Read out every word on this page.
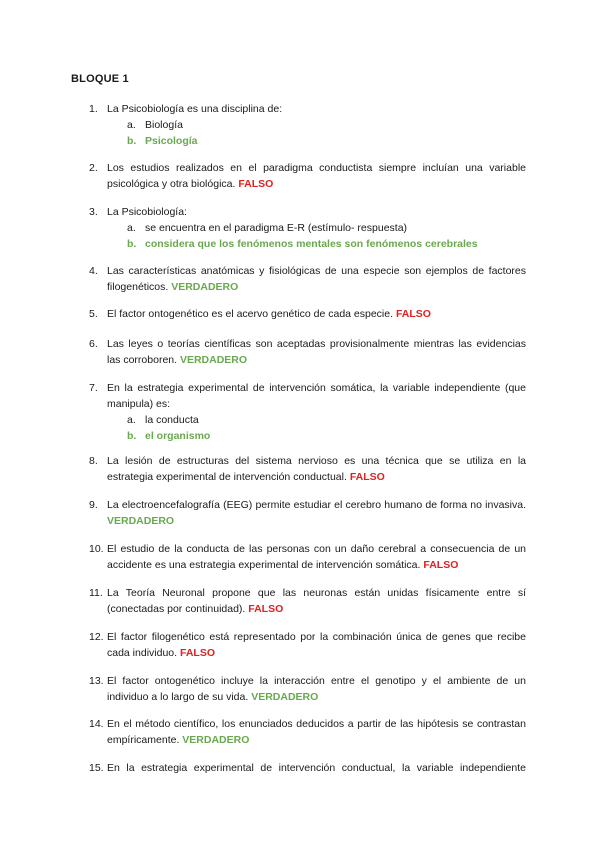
BLOQUE 1
1. La Psicobiología es una disciplina de:
a. Biología
b. Psicología
2. Los estudios realizados en el paradigma conductista siempre incluían una variable psicológica y otra biológica. FALSO
3. La Psicobiología:
a. se encuentra en el paradigma E-R (estímulo- respuesta)
b. considera que los fenómenos mentales son fenómenos cerebrales
4. Las características anatómicas y fisiológicas de una especie son ejemplos de factores filogenéticos. VERDADERO
5. El factor ontogenético es el acervo genético de cada especie. FALSO
6. Las leyes o teorías científicas son aceptadas provisionalmente mientras las evidencias las corroboren. VERDADERO
7. En la estrategia experimental de intervención somática, la variable independiente (que manipula) es:
a. la conducta
b. el organismo
8. La lesión de estructuras del sistema nervioso es una técnica que se utiliza en la estrategia experimental de intervención conductual. FALSO
9. La electroencefalografía (EEG) permite estudiar el cerebro humano de forma no invasiva. VERDADERO
10. El estudio de la conducta de las personas con un daño cerebral a consecuencia de un accidente es una estrategia experimental de intervención somática. FALSO
11. La Teoría Neuronal propone que las neuronas están unidas físicamente entre sí (conectadas por continuidad). FALSO
12. El factor filogenético está representado por la combinación única de genes que recibe cada individuo. FALSO
13. El factor ontogenético incluye la interacción entre el genotipo y el ambiente de un individuo a lo largo de su vida. VERDADERO
14. En el método científico, los enunciados deducidos a partir de las hipótesis se contrastan empíricamente. VERDADERO
15. En la estrategia experimental de intervención conductual, la variable independiente
